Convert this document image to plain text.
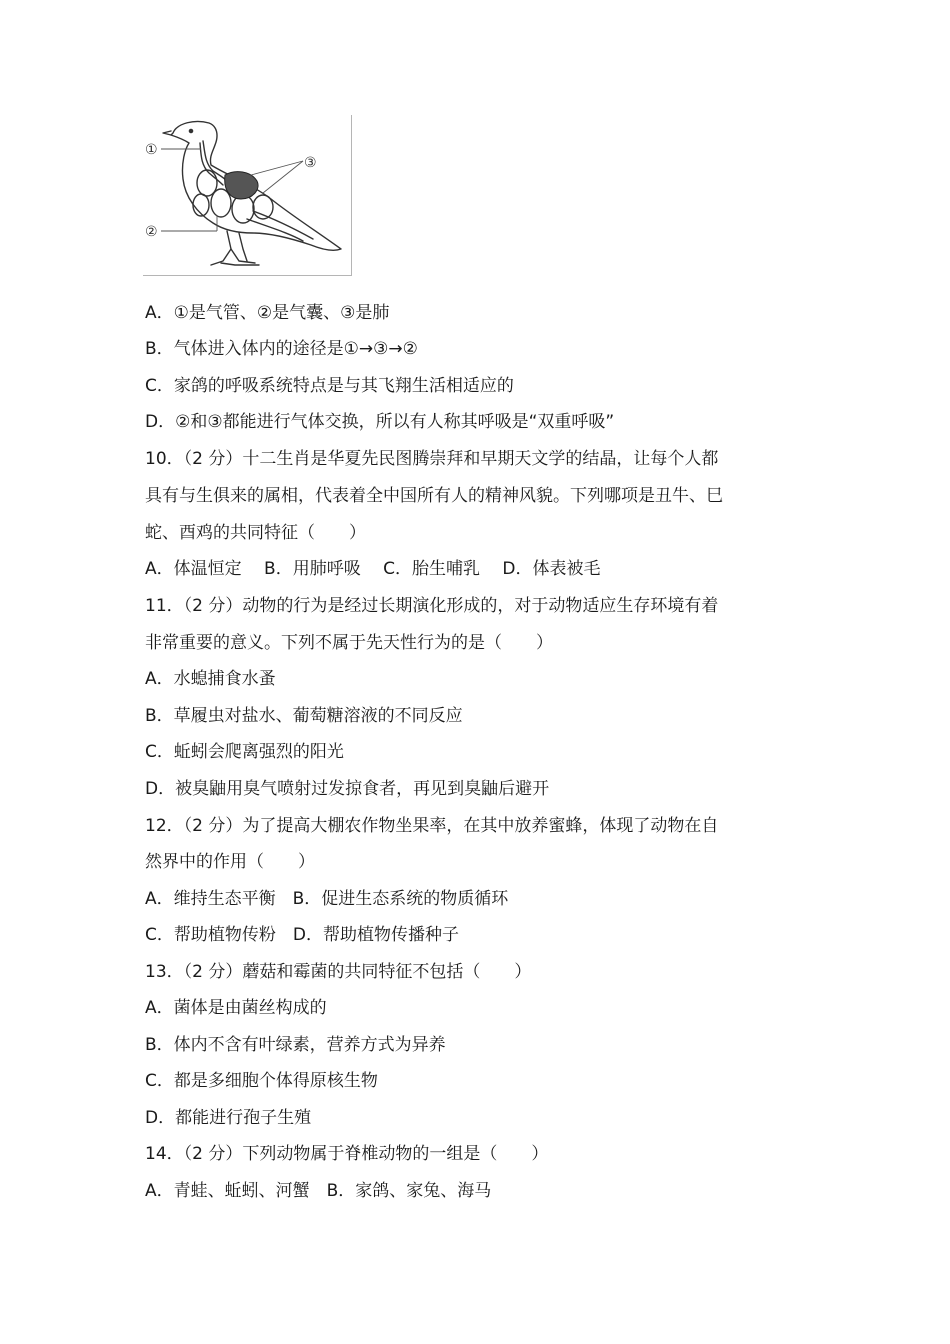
①
②
③
A．①是气管、②是气囊、③是肺
B．气体进入体内的途径是①→③→②
C．家鸽的呼吸系统特点是与其飞翔生活相适应的
D．②和③都能进行气体交换，所以有人称其呼吸是“双重呼吸”
10．（2 分）十二生肖是华夏先民图腾崇拜和早期天文学的结晶，让每个人都
具有与生俱来的属相，代表着全中国所有人的精神风貌。下列哪项是丑牛、巳
蛇、酉鸡的共同特征（　　）
A．体温恒定　 B．用肺呼吸　 C．胎生哺乳　 D．体表被毛
11．（2 分）动物的行为是经过长期演化形成的，对于动物适应生存环境有着
非常重要的意义。下列不属于先天性行为的是（　　）
A．水螅捕食水蚤
B．草履虫对盐水、葡萄糖溶液的不同反应
C．蚯蚓会爬离强烈的阳光
D．被臭鼬用臭气喷射过发掠食者，再见到臭鼬后避开
12．（2 分）为了提高大棚农作物坐果率，在其中放养蜜蜂，体现了动物在自
然界中的作用（　　）
A．维持生态平衡　B．促进生态系统的物质循环
C．帮助植物传粉　D．帮助植物传播种子
13．（2 分）蘑菇和霉菌的共同特征不包括（　　）
A．菌体是由菌丝构成的
B．体内不含有叶绿素，营养方式为异养
C．都是多细胞个体得原核生物
D．都能进行孢子生殖
14．（2 分）下列动物属于脊椎动物的一组是（　　）
A．青蛙、蚯蚓、河蟹　B．家鸽、家兔、海马
